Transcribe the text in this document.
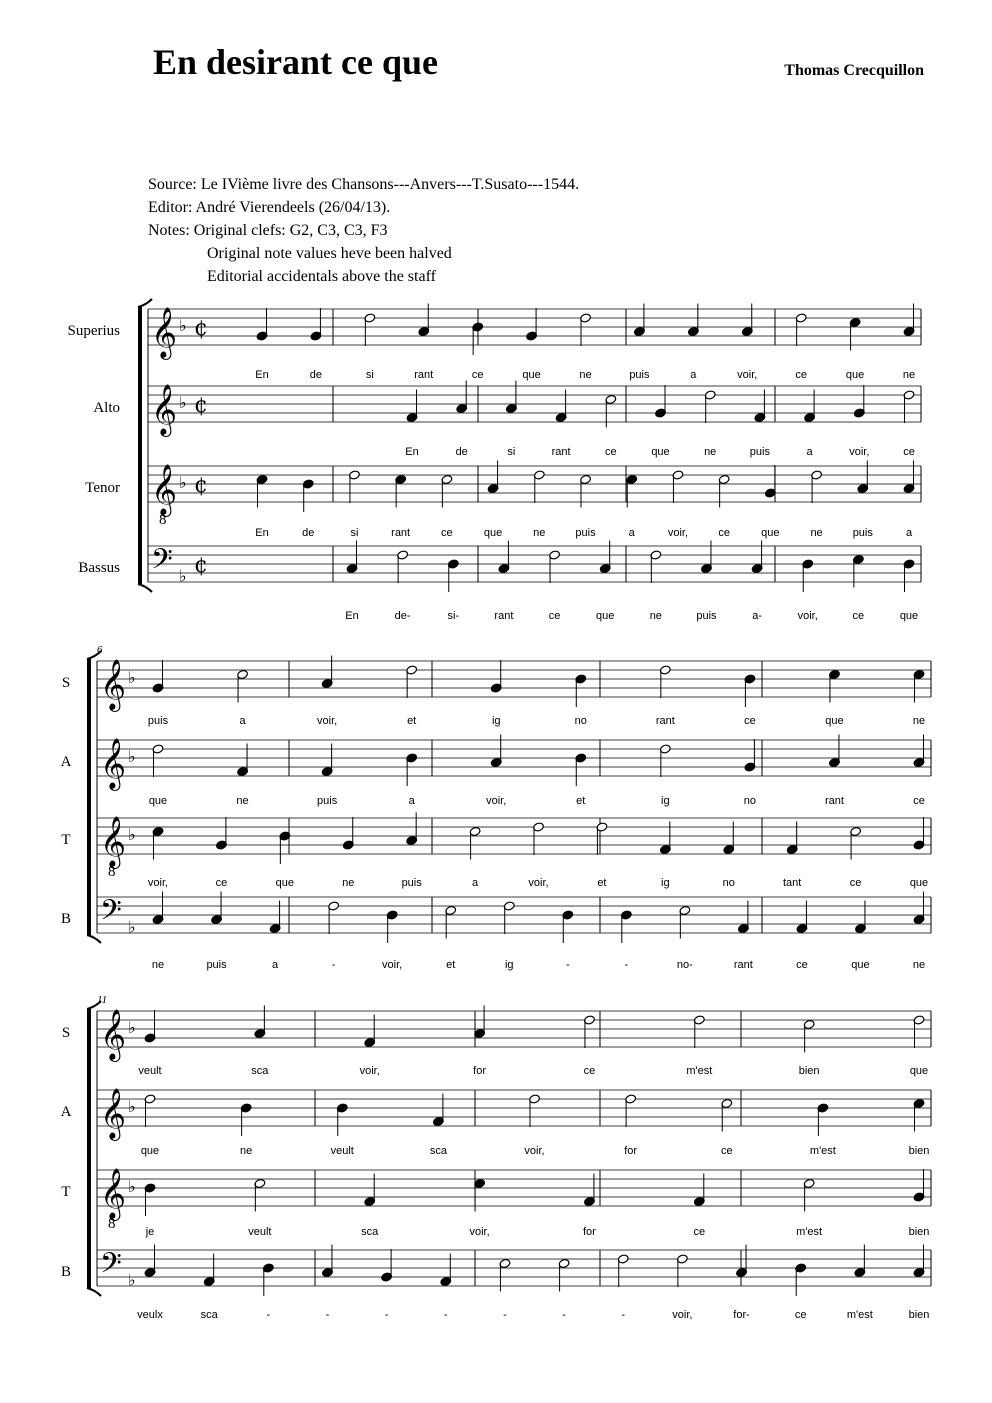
En desirant ce que	Thomas Crecquillon
Source: Le IVième livre des Chansons---Anvers---T.Susato---1544.
Editor: André Vierendeels (26/04/13).
Notes: Original clefs: G2, C3, C3, F3
Original note values heve been halved
Editorial accidentals above the staff
Superius 𝄞 ♭ ¢
En	de	si	rant	ce	que	ne	puis	a	voir,	ce	que	ne
Alto 𝄞 ♭ ¢
En	de	si	rant	ce	que	ne	puis	a	voir,	ce
Tenor 𝄞
8
♭ ¢
En	de	si	rant	ce	que	ne	puis	a	voir,	ce	que	ne	puis	a
Bassus 𝄢 ♭ ¢
En	de-	si-	rant	ce	que	ne	puis	a-	voir,	ce	que
6
S 𝄞 ♭
puis	a	voir,	et	ig	no	rant	ce	que	ne
A 𝄞 ♭
que	ne	puis	a	voir,	et	ig	no	rant	ce
T 𝄞
8
♭
voir,	ce	que	ne	puis	a	voir,	et	ig	no	tant	ce	que
B 𝄢 ♭
ne	puis	a	-	voir,	et	ig	-	-	no-	rant	ce	que	ne
11
S 𝄞 ♭
veult	sca	voir,	for	ce	m'est	bien	que
A 𝄞 ♭
que	ne	veult	sca	voir,	for	ce	m'est	bien
T 𝄞
8
♭
je	veult	sca	voir,	for	ce	m'est	bien
B 𝄢 ♭
veulx	sca	-	-	-	-	-	-	-	voir,	for-	ce	m'est	bien
